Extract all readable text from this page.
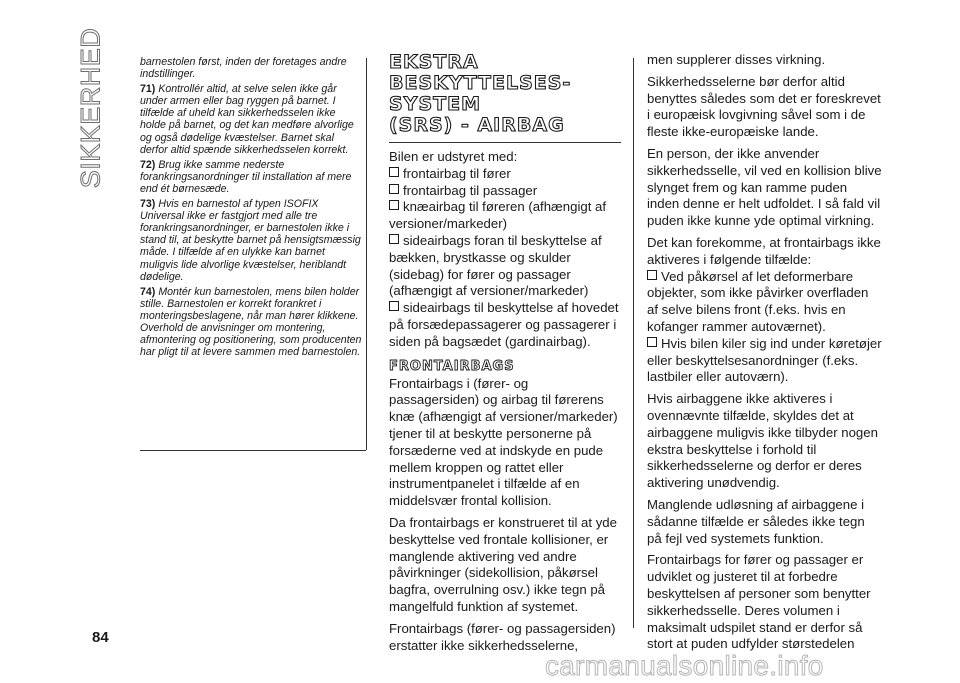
SIKKERHED	barnestolen først, inden der foretages andre indstillinger.

71) Kontrollér altid, at selve selen ikke går under armen eller bag ryggen på barnet. I tilfælde af uheld kan sikkerhedsselen ikke holde på barnet, og det kan medføre alvorlige og også dødelige kvæstelser. Barnet skal derfor altid spænde sikkerhedsselen korrekt.

72) Brug ikke samme nederste forankringsanordninger til installation af mere end ét børnesæde.

73) Hvis en barnestol af typen ISOFIX Universal ikke er fastgjort med alle tre forankringsanordninger, er barnestolen ikke i stand til, at beskytte barnet på hensigtsmæssig måde. I tilfælde af en ulykke kan barnet muligvis lide alvorlige kvæstelser, heriblandt dødelige.

74) Montér kun barnestolen, mens bilen holder stille. Barnestolen er korrekt forankret i monteringsbeslagene, når man hører klikkene. Overhold de anvisninger om montering, afmontering og positionering, som producenten har pligt til at levere sammen med barnestolen.

EKSTRA
BESKYTTELSES-
SYSTEM
(SRS) - AIRBAG

Bilen er udstyret med:

frontairbag til fører

frontairbag til passager

knæairbag til føreren (afhængigt af versioner/markeder)

sideairbags foran til beskyttelse af bækken, brystkasse og skulder (sidebag) for fører og passager (afhængigt af versioner/markeder)

sideairbags til beskyttelse af hovedet på forsædepassagerer og passagerer i siden på bagsædet (gardinairbag).

FRONTAIRBAGS

Frontairbags i (fører- og passagersiden) og airbag til førerens knæ (afhængigt af versioner/markeder) tjener til at beskytte personerne på forsæderne ved at indskyde en pude mellem kroppen og rattet eller instrumentpanelet i tilfælde af en middelsvær frontal kollision.

Da frontairbags er konstrueret til at yde beskyttelse ved frontale kollisioner, er manglende aktivering ved andre påvirkninger (sidekollision, påkørsel bagfra, overrulning osv.) ikke tegn på mangelfuld funktion af systemet.

Frontairbags (fører- og passagersiden) erstatter ikke sikkerhedsselerne,

men supplerer disses virkning.

Sikkerhedsselerne bør derfor altid benyttes således som det er foreskrevet i europæisk lovgivning såvel som i de fleste ikke-europæiske lande.

En person, der ikke anvender sikkerhedsselle, vil ved en kollision blive slynget frem og kan ramme puden inden denne er helt udfoldet. I så fald vil puden ikke kunne yde optimal virkning.

Det kan forekomme, at frontairbags ikke aktiveres i følgende tilfælde:

Ved påkørsel af let deformerbare objekter, som ikke påvirker overfladen af selve bilens front (f.eks. hvis en kofanger rammer autoværnet).

Hvis bilen kiler sig ind under køretøjer eller beskyttelsesanordninger (f.eks. lastbiler eller autoværn).

Hvis airbaggene ikke aktiveres i ovennævnte tilfælde, skyldes det at airbaggene muligvis ikke tilbyder nogen ekstra beskyttelse i forhold til sikkerhedsselerne og derfor er deres aktivering unødvendig.

Manglende udløsning af airbaggene i sådanne tilfælde er således ikke tegn på fejl ved systemets funktion.

Frontairbags for fører og passager er udviklet og justeret til at forbedre beskyttelsen af personer som benytter sikkerhedsselle. Deres volumen i maksimalt udspilet stand er derfor så stort at puden udfylder størstedelen

84
carmanualsonline.info
